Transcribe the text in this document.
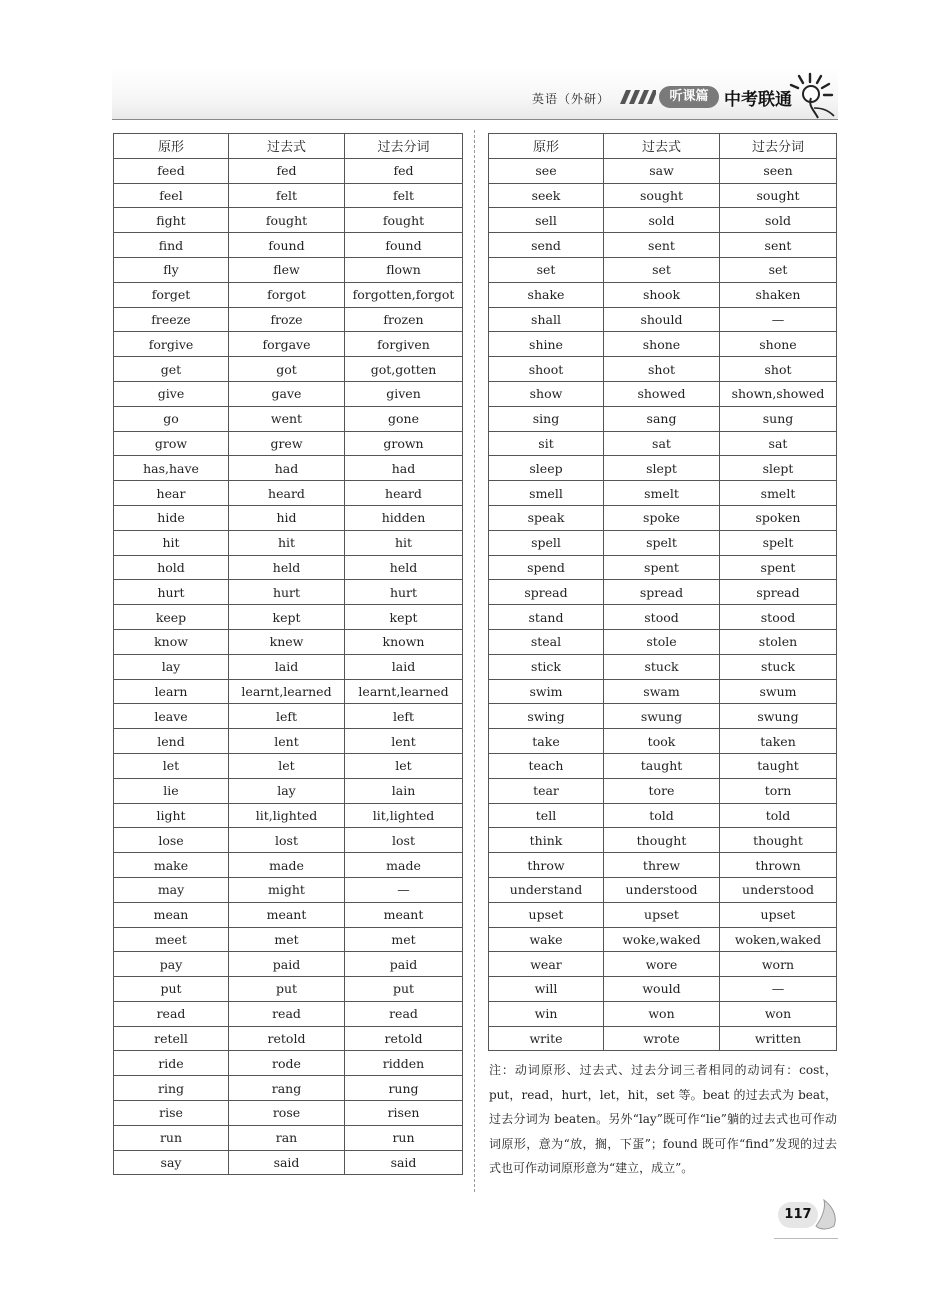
英语（外研）	听课篇 中考联通
原形	过去式	过去分词
feed	fed	fed
feel	felt	felt
fight	fought	fought
find	found	found
fly	flew	flown
forget	forgot	forgotten,forgot
freeze	froze	frozen
forgive	forgave	forgiven
get	got	got,gotten
give	gave	given
go	went	gone
grow	grew	grown
has,have	had	had
hear	heard	heard
hide	hid	hidden
hit	hit	hit
hold	held	held
hurt	hurt	hurt
keep	kept	kept
know	knew	known
lay	laid	laid
learn	learnt,learned	learnt,learned
leave	left	left
lend	lent	lent
let	let	let
lie	lay	lain
light	lit,lighted	lit,lighted
lose	lost	lost
make	made	made
may	might	—
mean	meant	meant
meet	met	met
pay	paid	paid
put	put	put
read	read	read
retell	retold	retold
ride	rode	ridden
ring	rang	rung
rise	rose	risen
run	ran	run
say	said	said
原形	过去式	过去分词
see	saw	seen
seek	sought	sought
sell	sold	sold
send	sent	sent
set	set	set
shake	shook	shaken
shall	should	—
shine	shone	shone
shoot	shot	shot
show	showed	shown,showed
sing	sang	sung
sit	sat	sat
sleep	slept	slept
smell	smelt	smelt
speak	spoke	spoken
spell	spelt	spelt
spend	spent	spent
spread	spread	spread
stand	stood	stood
steal	stole	stolen
stick	stuck	stuck
swim	swam	swum
swing	swung	swung
take	took	taken
teach	taught	taught
tear	tore	torn
tell	told	told
think	thought	thought
throw	threw	thrown
understand	understood	understood
upset	upset	upset
wake	woke,waked	woken,waked
wear	wore	worn
will	would	—
win	won	won
write	wrote	written
注：动词原形、过去式、过去分词三者相同的动词有：cost，put，read，hurt，let，hit，set 等。beat 的过去式为 beat，过去分词为 beaten。另外“lay”既可作“lie”躺的过去式也可作动词原形，意为“放，搁，下蛋”；found 既可作“find”发现的过去式也可作动词原形意为“建立，成立”。
117
